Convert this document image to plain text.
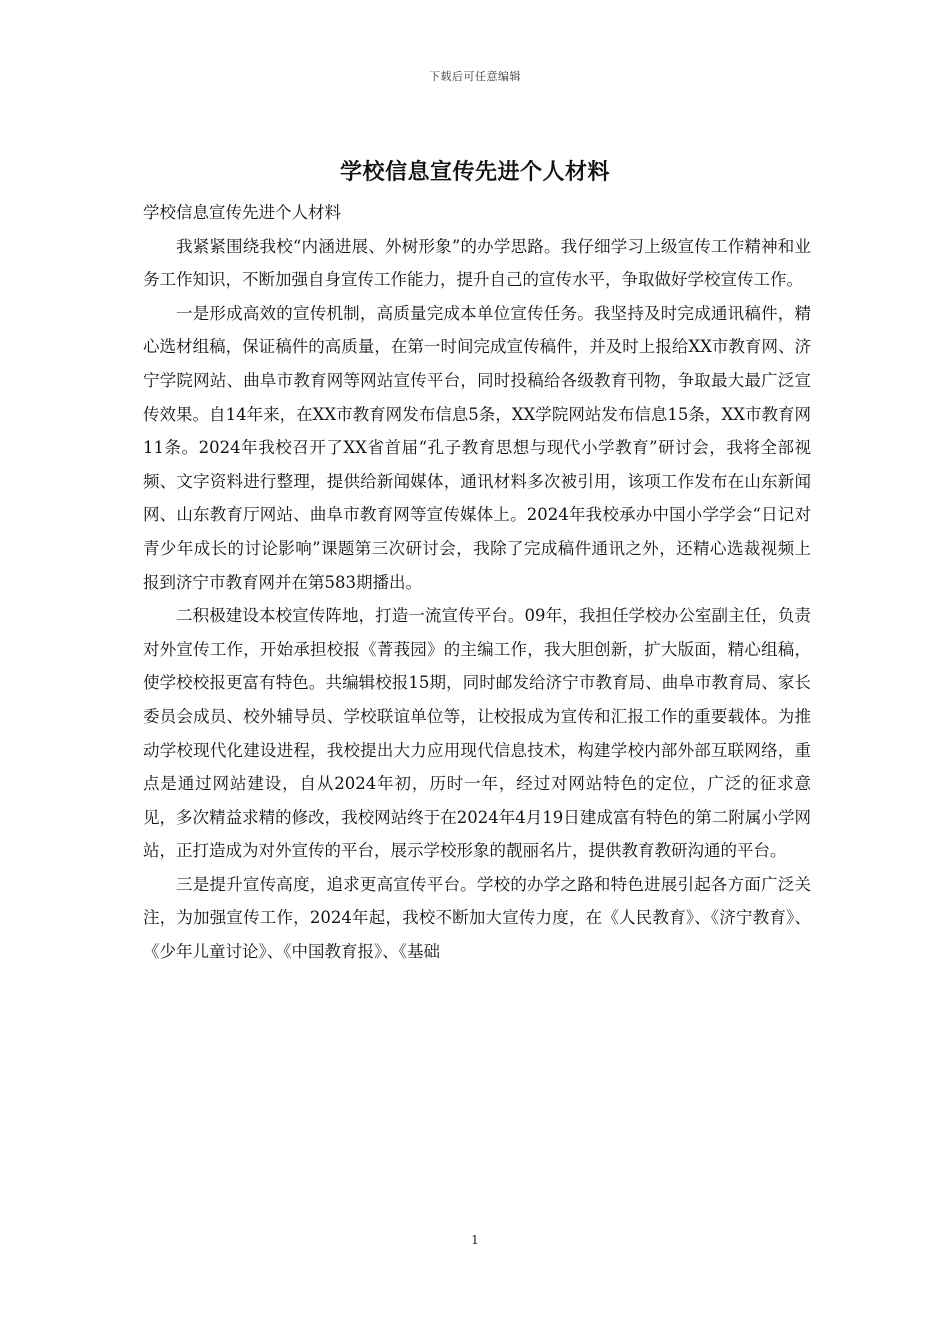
下载后可任意编辑
学校信息宣传先进个人材料

学校信息宣传先进个人材料

我紧紧围绕我校“内涵进展、外树形象”的办学思路。我仔细学习上级宣传工作精神和业务工作知识，不断加强自身宣传工作能力，提升自己的宣传水平，争取做好学校宣传工作。

一是形成高效的宣传机制，高质量完成本单位宣传任务。我坚持及时完成通讯稿件，精心选材组稿，保证稿件的高质量，在第一时间完成宣传稿件，并及时上报给XX市教育网、济宁学院网站、曲阜市教育网等网站宣传平台，同时投稿给各级教育刊物，争取最大最广泛宣传效果。自14年来，在XX市教育网发布信息5条，XX学院网站发布信息15条，XX市教育网11条。2024年我校召开了XX省首届“孔子教育思想与现代小学教育”研讨会，我将全部视频、文字资料进行整理，提供给新闻媒体，通讯材料多次被引用，该项工作发布在山东新闻网、山东教育厅网站、曲阜市教育网等宣传媒体上。2024年我校承办中国小学学会“日记对青少年成长的讨论影响”课题第三次研讨会，我除了完成稿件通讯之外，还精心选裁视频上报到济宁市教育网并在第583期播出。

二积极建设本校宣传阵地，打造一流宣传平台。09年，我担任学校办公室副主任，负责对外宣传工作，开始承担校报《菁莪园》的主编工作，我大胆创新，扩大版面，精心组稿，使学校校报更富有特色。共编辑校报15期，同时邮发给济宁市教育局、曲阜市教育局、家长委员会成员、校外辅导员、学校联谊单位等，让校报成为宣传和汇报工作的重要载体。为推动学校现代化建设进程，我校提出大力应用现代信息技术，构建学校内部外部互联网络，重点是通过网站建设，自从2024年初，历时一年，经过对网站特色的定位，广泛的征求意见，多次精益求精的修改，我校网站终于在2024年4月19日建成富有特色的第二附属小学网站，正打造成为对外宣传的平台，展示学校形象的靓丽名片，提供教育教研沟通的平台。

三是提升宣传高度，追求更高宣传平台。学校的办学之路和特色进展引起各方面广泛关注，为加强宣传工作，2024年起，我校不断加大宣传力度，在《人民教育》、《济宁教育》、《少年儿童讨论》、《中国教育报》、《基础

1
